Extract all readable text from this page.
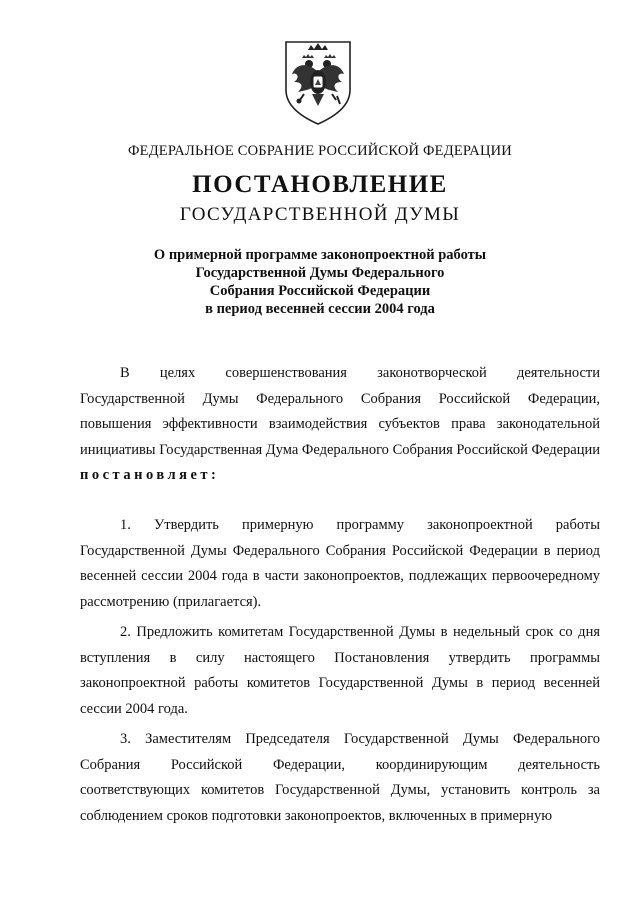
ФЕДЕРАЛЬНОЕ СОБРАНИЕ РОССИЙСКОЙ ФЕДЕРАЦИИ
ПОСТАНОВЛЕНИЕ
ГОСУДАРСТВЕННОЙ ДУМЫ
О примерной программе законопроектной работы
Государственной Думы Федерального
Собрания Российской Федерации
в период весенней сессии 2004 года

В целях совершенствования законотворческой деятельности Государственной Думы Федерального Собрания Российской Федерации, повышения эффективности взаимодействия субъектов права законодательной инициативы Государственная Дума Федерального Собрания Российской Федерации постановляет:

1. Утвердить примерную программу законопроектной работы Государственной Думы Федерального Собрания Российской Федерации в период весенней сессии 2004 года в части законопроектов, подлежащих первоочередному рассмотрению (прилагается).

2. Предложить комитетам Государственной Думы в недельный срок со дня вступления в силу настоящего Постановления утвердить программы законопроектной работы комитетов Государственной Думы в период весенней сессии 2004 года.

3. Заместителям Председателя Государственной Думы Федерального Собрания Российской Федерации, координирующим деятельность соответствующих комитетов Государственной Думы, установить контроль за соблюдением сроков подготовки законопроектов, включенных в примерную
